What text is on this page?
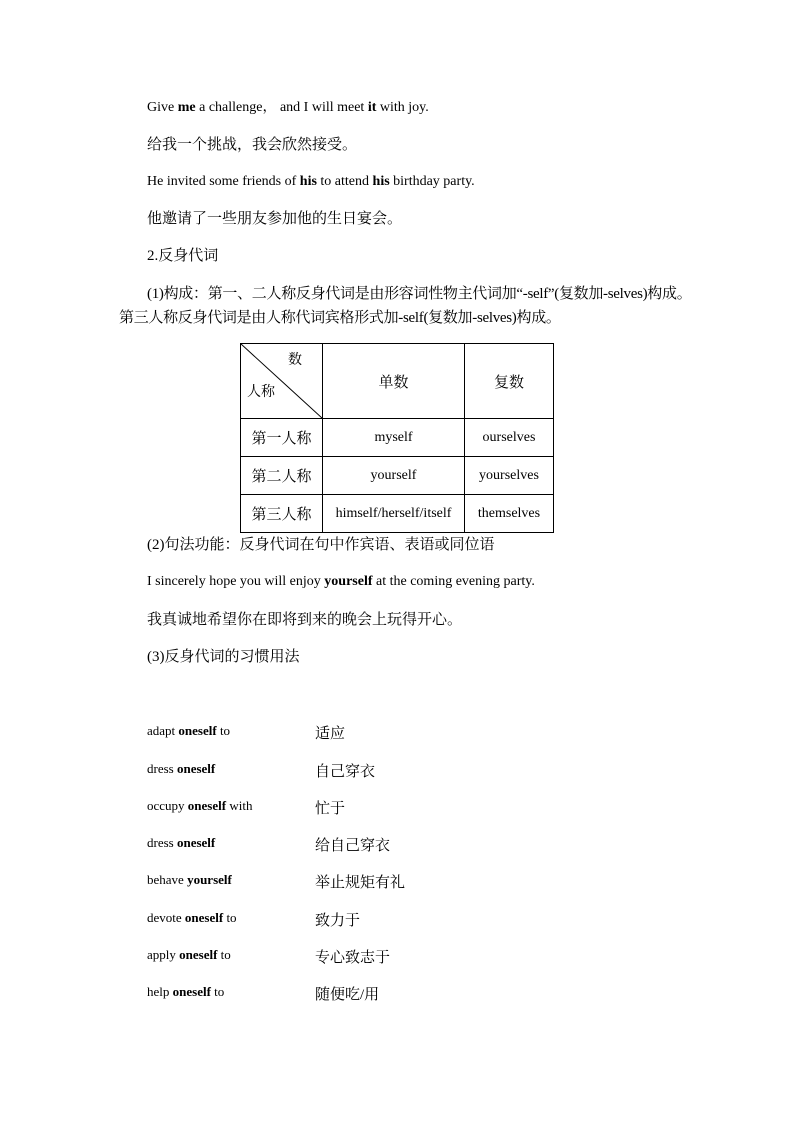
Give me a challenge， and I will meet it with joy.
给我一个挑战，我会欣然接受。
He invited some friends of his to attend his birthday party.
他邀请了一些朋友参加他的生日宴会。
2.反身代词
(1)构成：第一、二人称反身代词是由形容词性物主代词加“-self”(复数加-selves)构成。
第三人称反身代词是由人称代词宾格形式加-self(复数加-selves)构成。
数
人称	单数	复数
第一人称	myself	ourselves
第二人称	yourself	yourselves
第三人称	himself/herself/itself	themselves
(2)句法功能：反身代词在句中作宾语、表语或同位语
I sincerely hope you will enjoy yourself at the coming evening party.
我真诚地希望你在即将到来的晚会上玩得开心。
(3)反身代词的习惯用法
adapt oneself to	适应
dress oneself	自己穿衣
occupy oneself with	忙于
dress oneself	给自己穿衣
behave yourself	举止规矩有礼
devote oneself to	致力于
apply oneself to	专心致志于
help oneself to	随便吃/用
